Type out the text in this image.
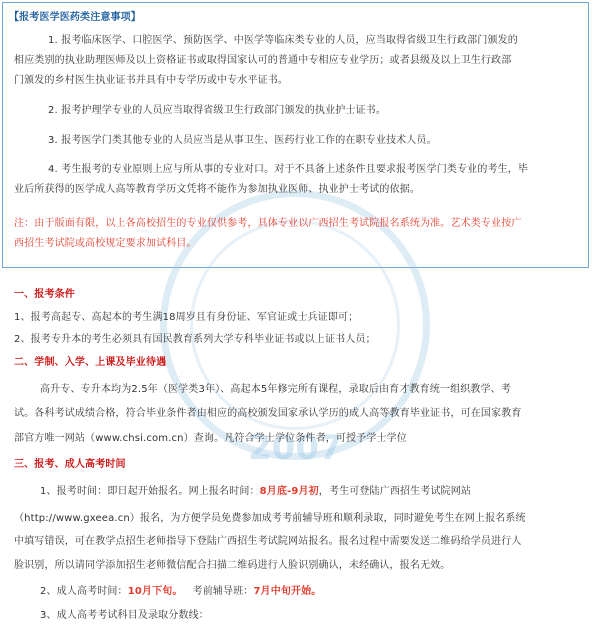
2007
【报考医学医药类注意事项】
1. 报考临床医学、口腔医学、预防医学、中医学等临床类专业的人员，应当取得省级卫生行政部门颁发的
相应类别的执业助理医师及以上资格证书或取得国家认可的普通中专相应专业学历；或者县级及以上卫生行政部
门颁发的乡村医生执业证书并具有中专学历或中专水平证书。
2. 报考护理学专业的人员应当取得省级卫生行政部门颁发的执业护士证书。
3. 报考医学门类其他专业的人员应当是从事卫生、医药行业工作的在职专业技术人员。
4. 考生报考的专业原则上应与所从事的专业对口。对于不具备上述条件且要求报考医学门类专业的考生，毕
业后所获得的医学成人高等教育学历文凭将不能作为参加执业医师、执业护士考试的依据。
注：由于版面有限，以上各高校招生的专业仅供参考，具体专业以广西招生考试院报名系统为准。艺术类专业按广
西招生考试院或高校规定要求加试科目。
一、报考条件
1、报考高起专、高起本的考生满18周岁且有身份证、军官证或士兵证即可；
2、报考专升本的考生必须具有国民教育系列大学专科毕业证书或以上证书人员；
二、学制、入学、上课及毕业待遇
高升专、专升本均为2.5年（医学类3年）、高起本5年修完所有课程，录取后由育才教育统一组织教学、考
试。各科考试成绩合格，符合毕业条件者由相应的高校颁发国家承认学历的成人高等教育毕业证书，可在国家教育
部官方唯一网站（www.chsi.com.cn）查询。凡符合学士学位条件者，可授予学士学位
三、报考、成人高考时间
1、报考时间：即日起开始报名。网上报名时间：8月底-9月初，考生可登陆广西招生考试院网站
（http://www.gxeea.cn）报名，为方便学员免费参加成考考前辅导班和顺利录取，同时避免考生在网上报名系统
中填写错误，可在教学点招生老师指导下登陆广西招生考试院网站报名。报名过程中需要发送二维码给学员进行人
脸识别，所以请同学添加招生老师微信配合扫描二维码进行人脸识别确认，未经确认，报名无效。
2、成人高考时间：10月下旬。 考前辅导班：7月中旬开始。
3、成人高考考试科目及录取分数线：
